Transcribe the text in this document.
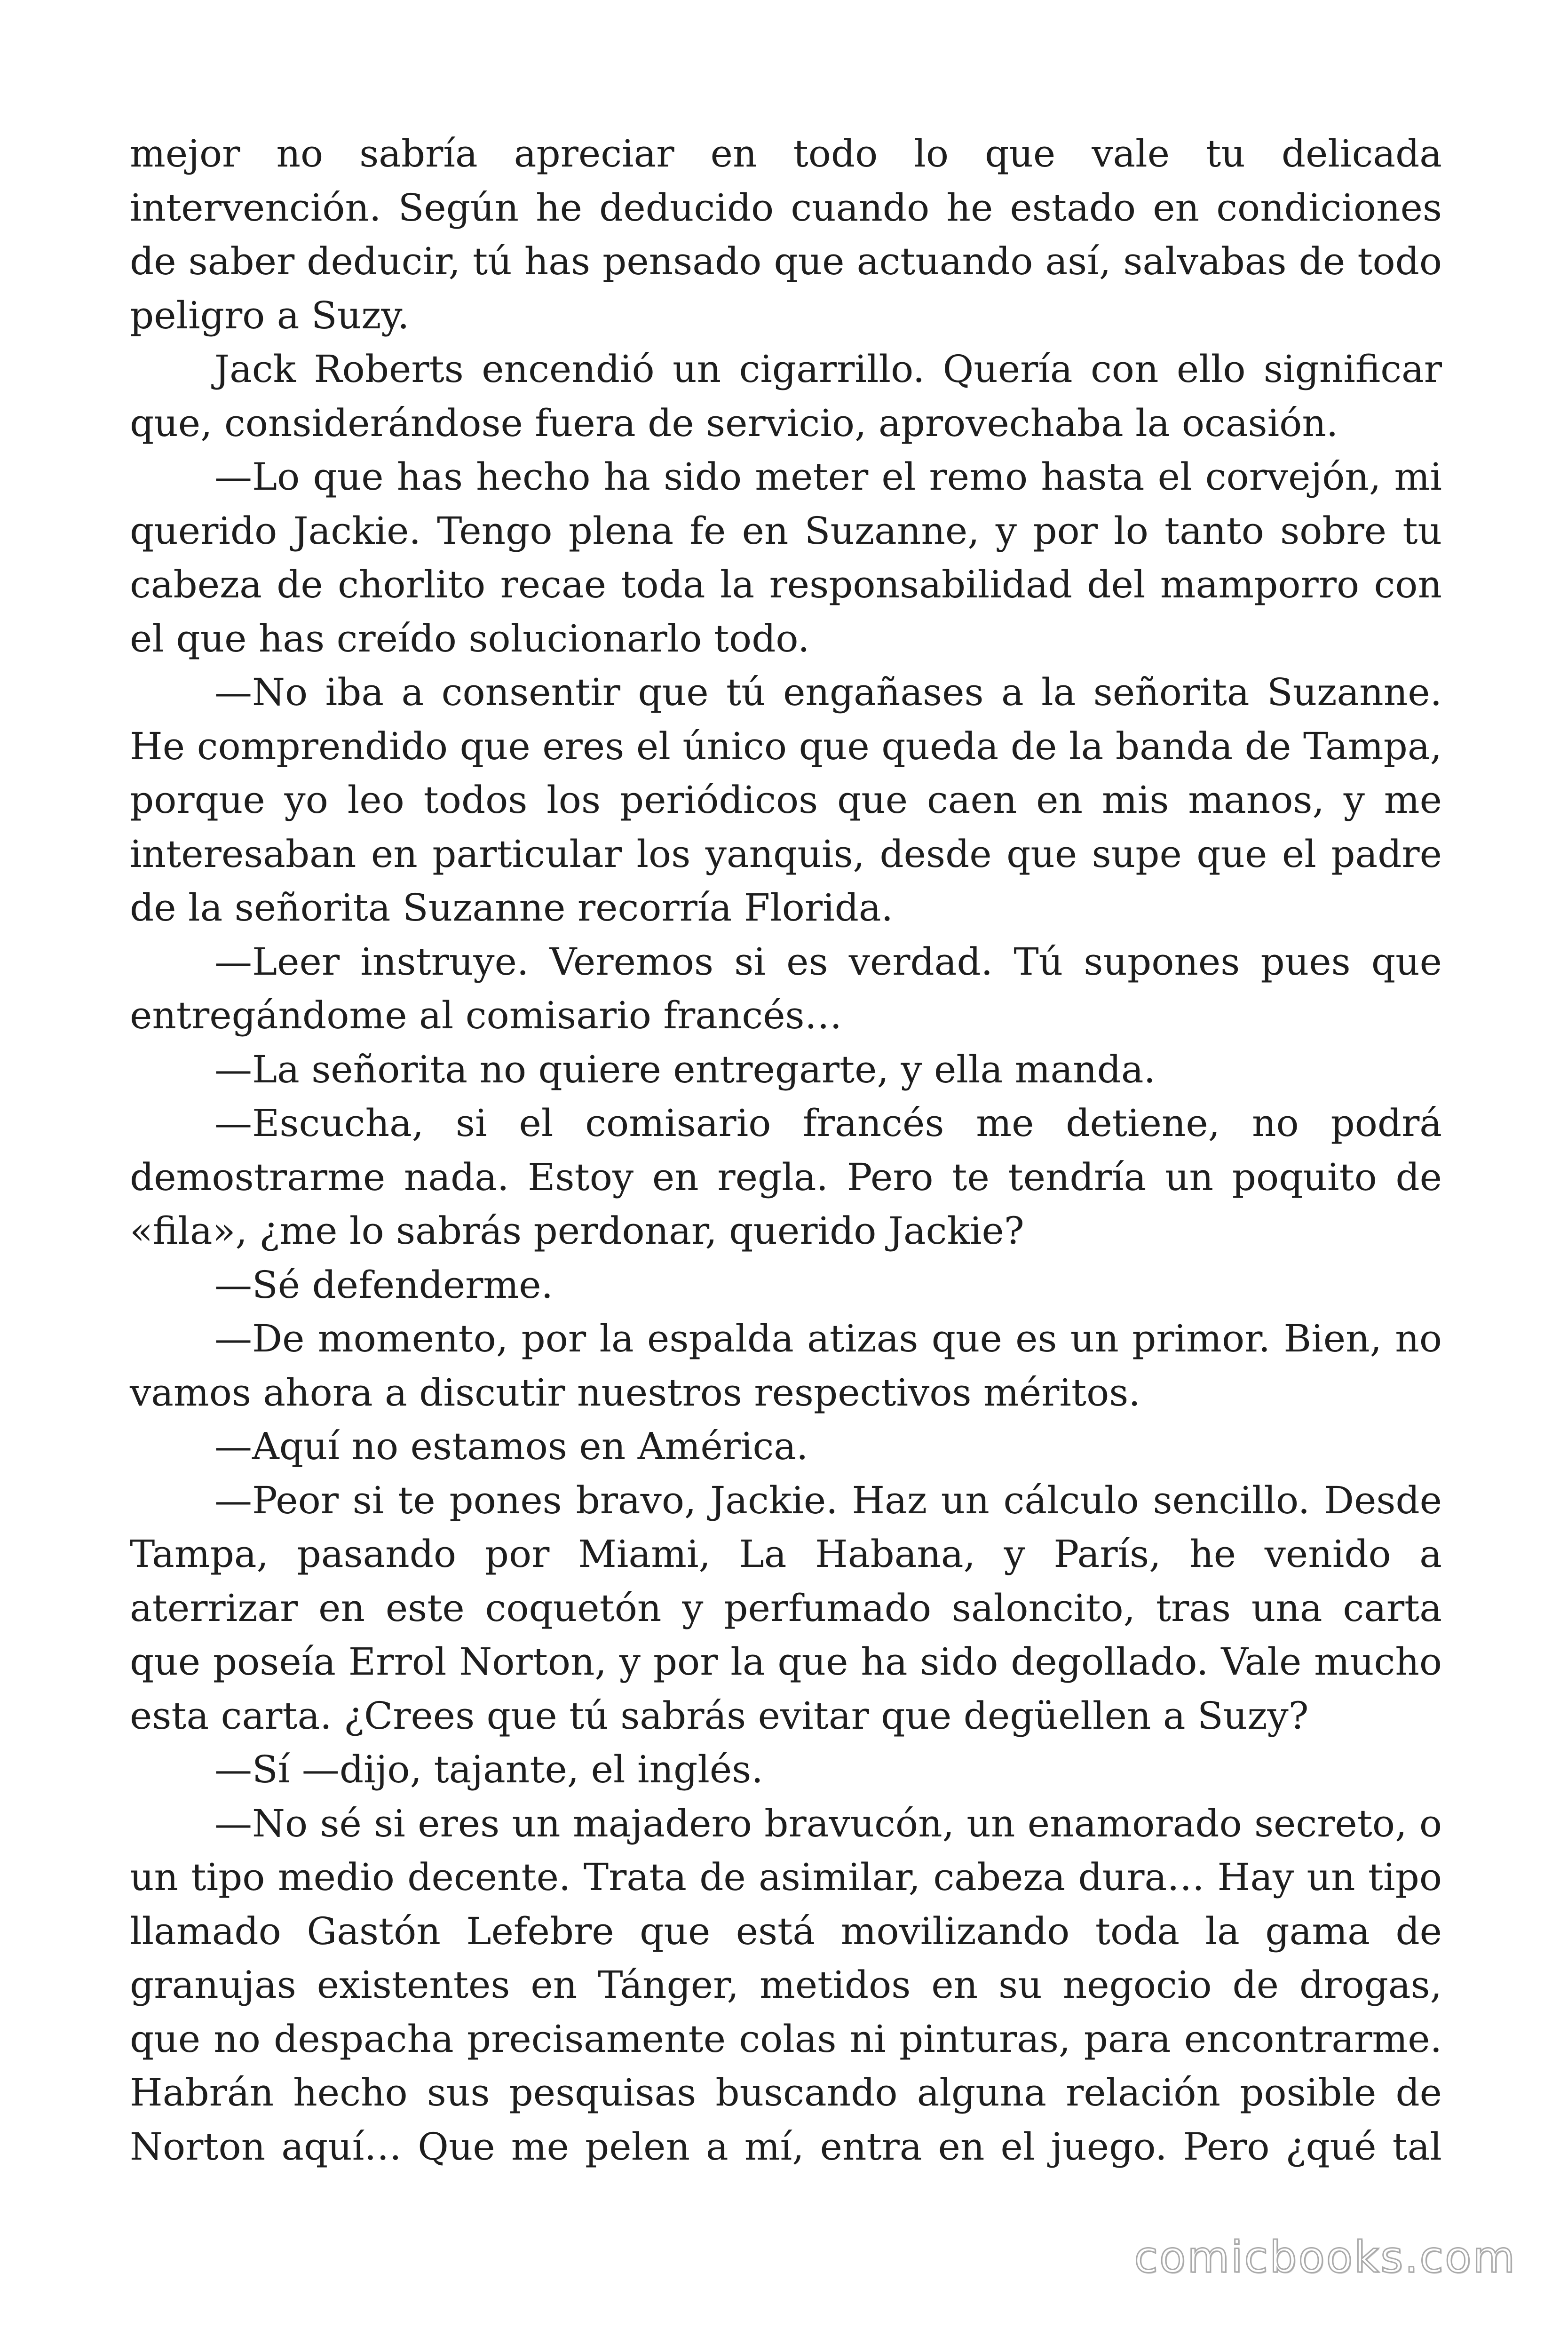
mejor no sabría apreciar en todo lo que vale tu delicada intervención. Según he deducido cuando he estado en condiciones de saber deducir, tú has pensado que actuando así, salvabas de todo peligro a Suzy.

Jack Roberts encendió un cigarrillo. Quería con ello significar que, considerándose fuera de servicio, aprovechaba la ocasión.

—Lo que has hecho ha sido meter el remo hasta el corvejón, mi querido Jackie. Tengo plena fe en Suzanne, y por lo tanto sobre tu cabeza de chorlito recae toda la responsabilidad del mamporro con el que has creído solucionarlo todo.

—No iba a consentir que tú engañases a la señorita Suzanne. He comprendido que eres el único que queda de la banda de Tampa, porque yo leo todos los periódicos que caen en mis manos, y me interesaban en particular los yanquis, desde que supe que el padre de la señorita Suzanne recorría Florida.

—Leer instruye. Veremos si es verdad. Tú supones pues que entregándome al comisario francés…

—La señorita no quiere entregarte, y ella manda.

—Escucha, si el comisario francés me detiene, no podrá demostrarme nada. Estoy en regla. Pero te tendría un poquito de «fila», ¿me lo sabrás perdonar, querido Jackie?

—Sé defenderme.

—De momento, por la espalda atizas que es un primor. Bien, no vamos ahora a discutir nuestros respectivos méritos.

—Aquí no estamos en América.

—Peor si te pones bravo, Jackie. Haz un cálculo sencillo. Desde Tampa, pasando por Miami, La Habana, y París, he venido a aterrizar en este coquetón y perfumado saloncito, tras una carta que poseía Errol Norton, y por la que ha sido degollado. Vale mucho esta carta. ¿Crees que tú sabrás evitar que degüellen a Suzy?

—Sí —dijo, tajante, el inglés.

—No sé si eres un majadero bravucón, un enamorado secreto, o un tipo medio decente. Trata de asimilar, cabeza dura… Hay un tipo llamado Gastón Lefebre que está movilizando toda la gama de granujas existentes en Tánger, metidos en su negocio de drogas, que no despacha precisamente colas ni pinturas, para encontrarme. Habrán hecho sus pesquisas buscando alguna relación posible de Norton aquí… Que me pelen a mí, entra en el juego. Pero ¿qué tal

comicbooks.com
